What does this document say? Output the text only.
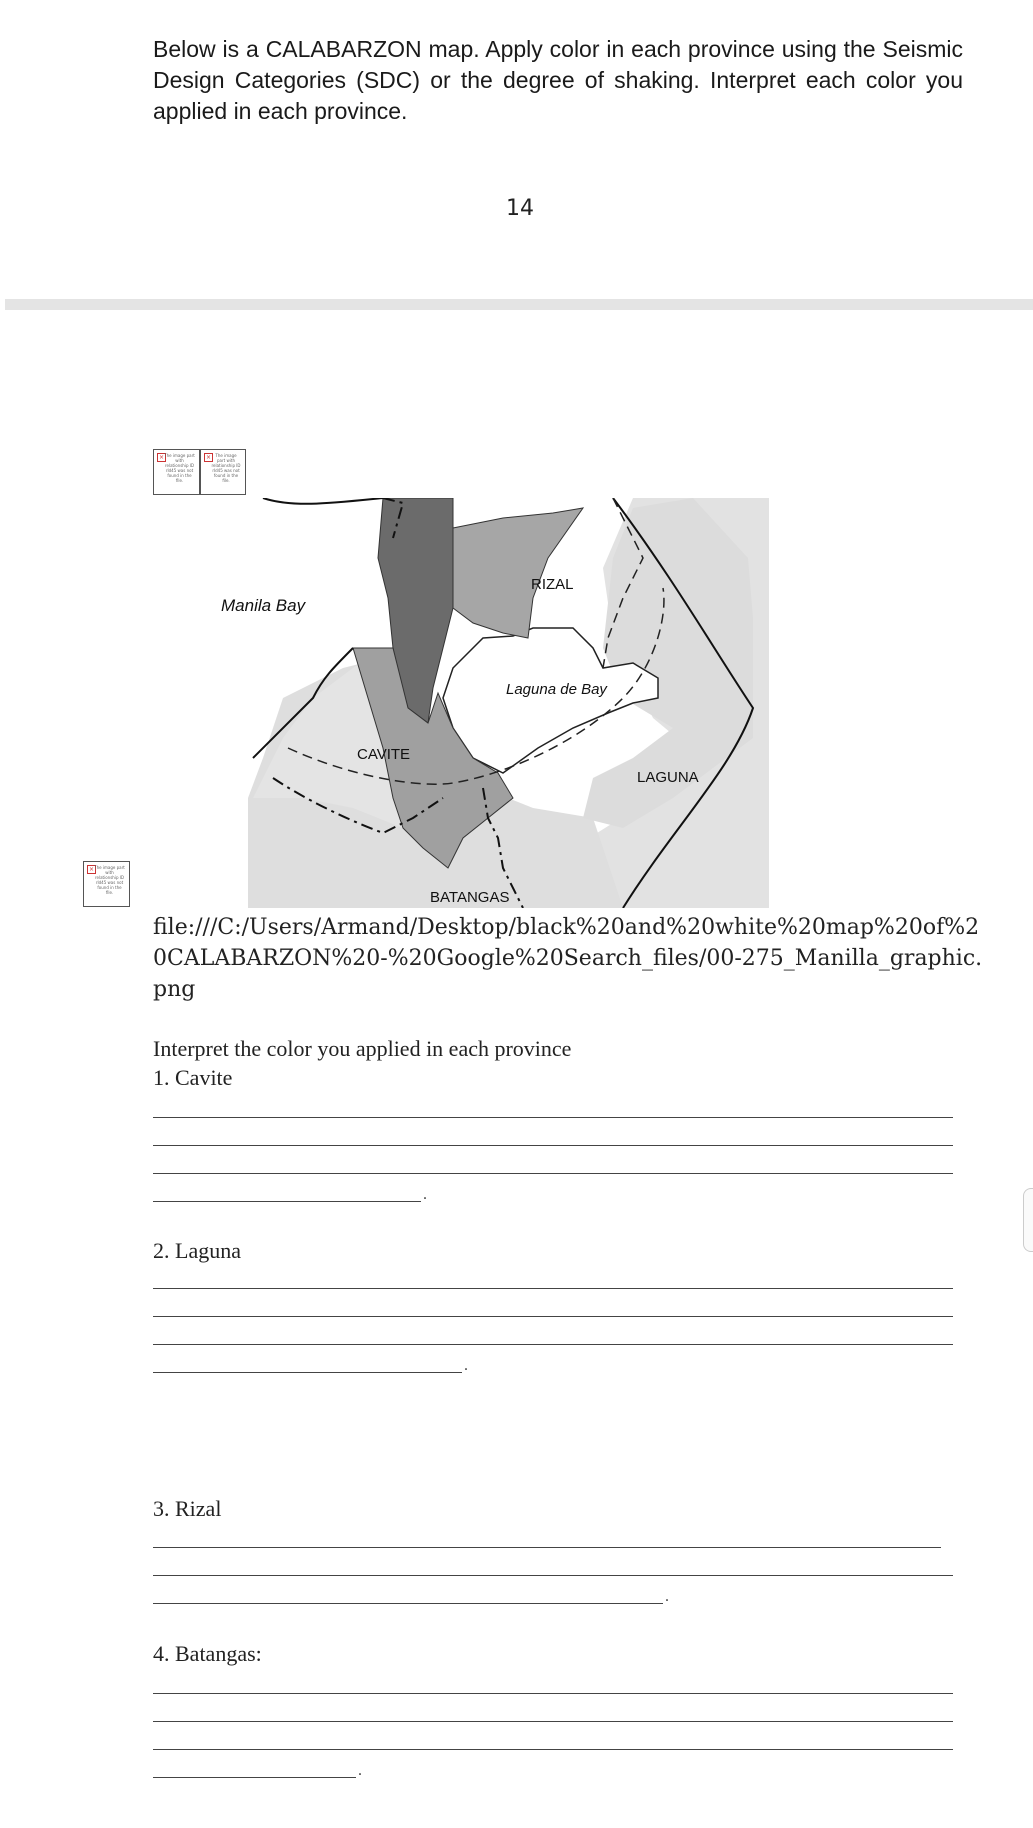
Below is a CALABARZON map. Apply color in each province using the Seismic Design Categories (SDC) or the degree of shaking. Interpret each color you applied in each province.
14
× The image part with relationship ID rId45 was not found in the file.
×	The image part with relationship ID rId45 was not found in the file.
× The image part with relationship ID rId45 was not found in the file.
Manila Bay
RIZAL
Laguna de Bay
CAVITE
LAGUNA
BATANGAS
file:///C:/Users/Armand/Desktop/black%20and%20white%20map%20of%20CALABARZON%20-%20Google%20Search_files/00-275_Manilla_graphic.png
Interpret the color you applied in each province
1. Cavite
.
2. Laguna
.
3. Rizal
.
4. Batangas:
.
